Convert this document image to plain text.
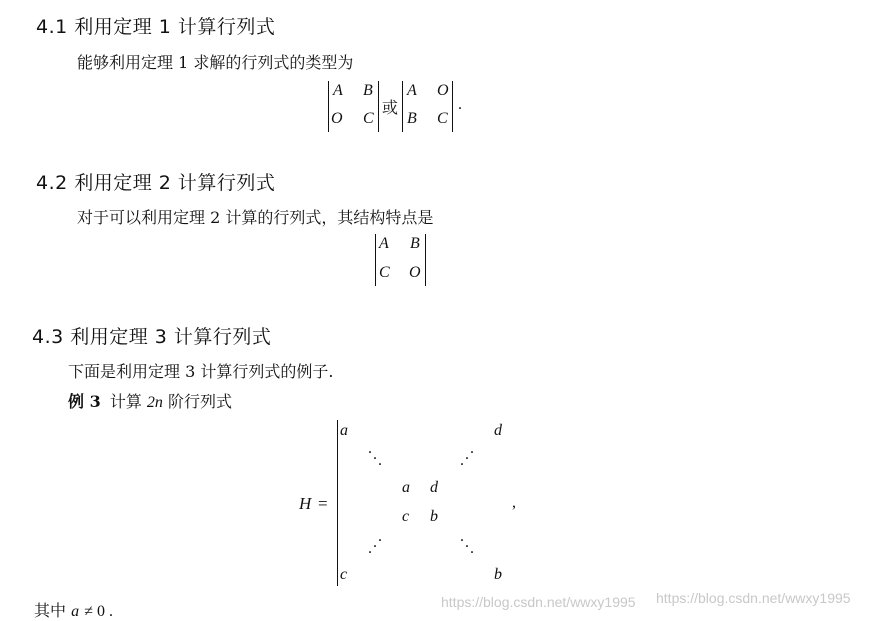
4.1 利用定理 1 计算行列式
能够利用定理 1 求解的行列式的类型为
A B
O C
或
A O
B C
.
4.2 利用定理 2 计算行列式
对于可以利用定理 2 计算的行列式，其结构特点是
A B
C O
4.3 利用定理 3 计算行列式
下面是利用定理 3 计算行列式的例子.
例 3 计算 2n 阶行列式
H =
a	d
. . .	. . .
a d
c b
. . .	. . .
c	b
,
其中 a ≠ 0 .
https://blog.csdn.net/wwxy1995 https://blog.csdn.net/wwxy1995
